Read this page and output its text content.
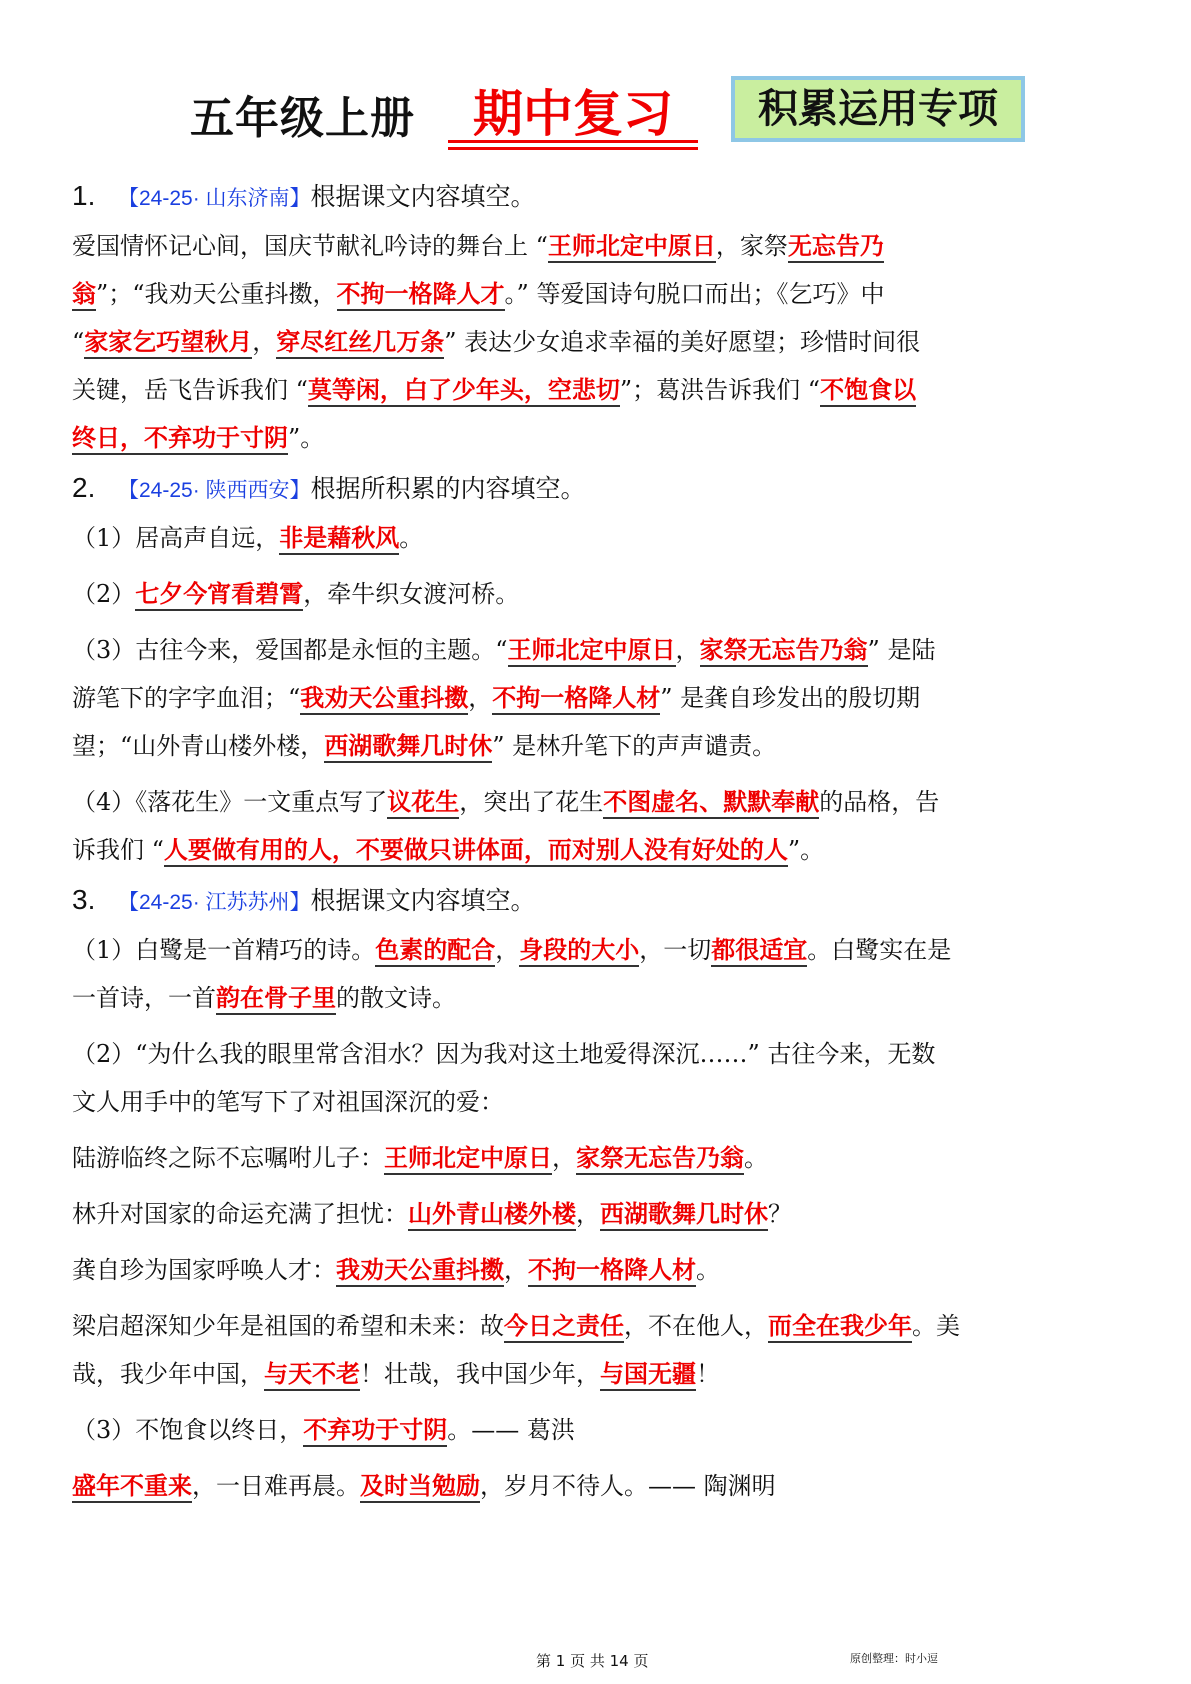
五年级上册	期中复习	积累运用专项
1. 【24-25· 山东济南】根据课文内容填空。
爱国情怀记心间，国庆节献礼吟诗的舞台上 “王师北定中原日，家祭无忘告乃
翁”；“我劝天公重抖擞，不拘一格降人才。” 等爱国诗句脱口而出；《乞巧》中
“家家乞巧望秋月，穿尽红丝几万条” 表达少女追求幸福的美好愿望；珍惜时间很
关键，岳飞告诉我们 “莫等闲，白了少年头，空悲切”；葛洪告诉我们 “不饱食以
终日，不弃功于寸阴”。
2. 【24-25· 陕西西安】根据所积累的内容填空。
（1）居高声自远，非是藉秋风。
（2）七夕今宵看碧霄，牵牛织女渡河桥。
（3）古往今来，爱国都是永恒的主题。“王师北定中原日，家祭无忘告乃翁” 是陆
游笔下的字字血泪；“我劝天公重抖擞，不拘一格降人材” 是龚自珍发出的殷切期
望；“山外青山楼外楼，西湖歌舞几时休” 是林升笔下的声声谴责。
（4）《落花生》一文重点写了议花生，突出了花生不图虚名、默默奉献的品格，告
诉我们 “人要做有用的人，不要做只讲体面，而对别人没有好处的人”。
3. 【24-25· 江苏苏州】根据课文内容填空。
（1）白鹭是一首精巧的诗。色素的配合，身段的大小，一切都很适宜。白鹭实在是
一首诗，一首韵在骨子里的散文诗。
（2）“为什么我的眼里常含泪水？因为我对这土地爱得深沉……” 古往今来，无数
文人用手中的笔写下了对祖国深沉的爱：
陆游临终之际不忘嘱咐儿子：王师北定中原日，家祭无忘告乃翁。
林升对国家的命运充满了担忧：山外青山楼外楼，西湖歌舞几时休？
龚自珍为国家呼唤人才：我劝天公重抖擞，不拘一格降人材。
梁启超深知少年是祖国的希望和未来：故今日之责任，不在他人，而全在我少年。美
哉，我少年中国，与天不老！壮哉，我中国少年，与国无疆！
（3）不饱食以终日，不弃功于寸阴。—— 葛洪
盛年不重来，一日难再晨。及时当勉励，岁月不待人。—— 陶渊明
第 1 页 共 14 页	原创整理：时小逗
